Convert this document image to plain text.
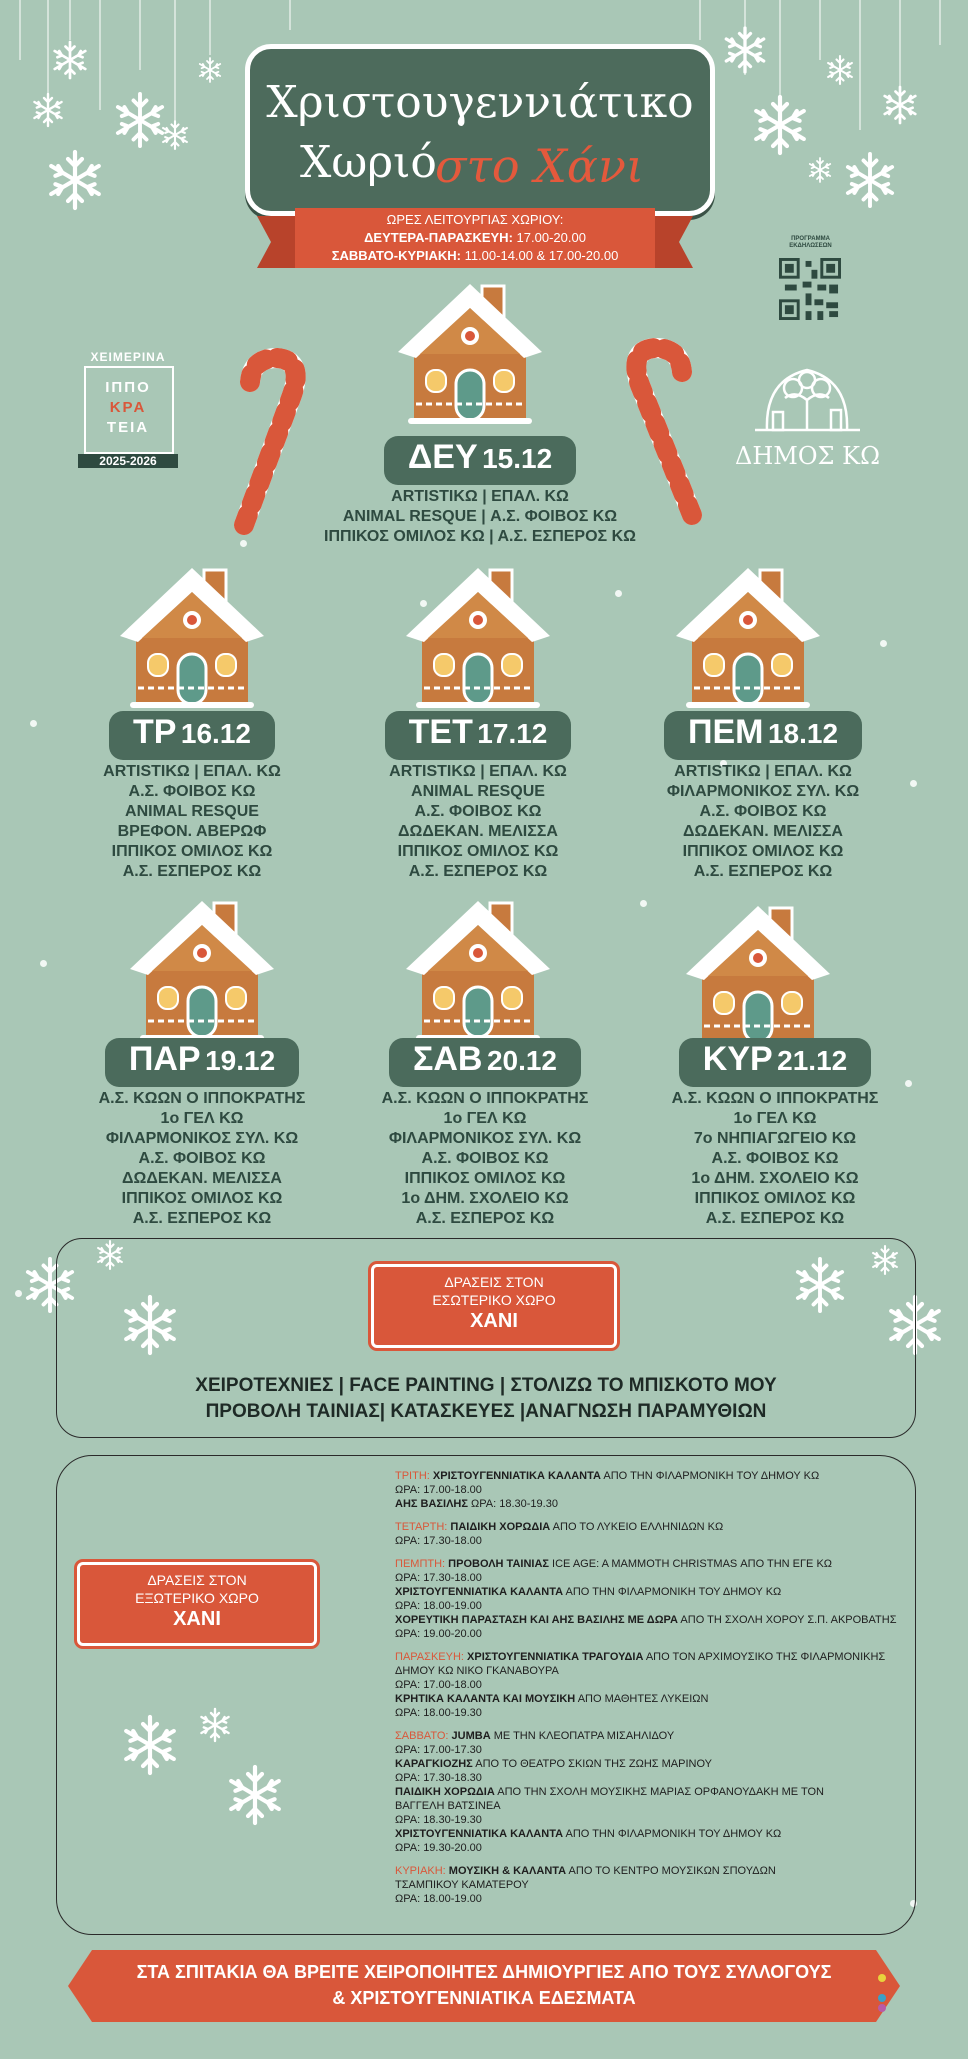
Χριστουγεννιάτικο
Χωριό
στο Χάνι
ΩΡΕΣ ΛΕΙΤΟΥΡΓΙΑΣ ΧΩΡΙΟΥ:
ΔΕΥΤΕΡΑ-ΠΑΡΑΣΚΕΥΗ: 17.00-20.00
ΣΑΒΒΑΤΟ-ΚΥΡΙΑΚΗ: 11.00-14.00 & 17.00-20.00
ΠΡΟΓΡΑΜΜΑ ΕΚΔΗΛΩΣΕΩΝ
ΧΕΙΜΕΡΙΝΑ
ΙΠΠΟ
ΚΡΑ
ΤΕΙΑ
2025-2026	ΔΗΜΟΣ ΚΩ
ΔΕΥ 15.12
ARTISTIKΩ | ΕΠΑΛ. ΚΩ
ANIMAL RESQUE | Α.Σ. ΦΟΙΒΟΣ ΚΩ
ΙΠΠΙΚΟΣ ΟΜΙΛΟΣ ΚΩ | Α.Σ. ΕΣΠΕΡΟΣ ΚΩ
ΤΡ 16.12
ARTISTIKΩ | ΕΠΑΛ. ΚΩ
Α.Σ. ΦΟΙΒΟΣ ΚΩ
ANIMAL RESQUE
ΒΡΕΦΟΝ. ΑΒΕΡΩΦ
ΙΠΠΙΚΟΣ ΟΜΙΛΟΣ ΚΩ
Α.Σ. ΕΣΠΕΡΟΣ ΚΩ
ΤΕΤ 17.12
ARTISTIKΩ | ΕΠΑΛ. ΚΩ
ANIMAL RESQUE
Α.Σ. ΦΟΙΒΟΣ ΚΩ
ΔΩΔΕΚΑΝ. ΜΕΛΙΣΣΑ
ΙΠΠΙΚΟΣ ΟΜΙΛΟΣ ΚΩ
Α.Σ. ΕΣΠΕΡΟΣ ΚΩ
ΠΕΜ 18.12
ARTISTIKΩ | ΕΠΑΛ. ΚΩ
ΦΙΛΑΡΜΟΝΙΚΟΣ ΣΥΛ. ΚΩ
Α.Σ. ΦΟΙΒΟΣ ΚΩ
ΔΩΔΕΚΑΝ. ΜΕΛΙΣΣΑ
ΙΠΠΙΚΟΣ ΟΜΙΛΟΣ ΚΩ
Α.Σ. ΕΣΠΕΡΟΣ ΚΩ
ΠΑΡ 19.12
Α.Σ. ΚΩΩΝ Ο ΙΠΠΟΚΡΑΤΗΣ
1ο ΓΕΛ ΚΩ
ΦΙΛΑΡΜΟΝΙΚΟΣ ΣΥΛ. ΚΩ
Α.Σ. ΦΟΙΒΟΣ ΚΩ
ΔΩΔΕΚΑΝ. ΜΕΛΙΣΣΑ
ΙΠΠΙΚΟΣ ΟΜΙΛΟΣ ΚΩ
Α.Σ. ΕΣΠΕΡΟΣ ΚΩ
ΣΑΒ 20.12
Α.Σ. ΚΩΩΝ Ο ΙΠΠΟΚΡΑΤΗΣ
1ο ΓΕΛ ΚΩ
ΦΙΛΑΡΜΟΝΙΚΟΣ ΣΥΛ. ΚΩ
Α.Σ. ΦΟΙΒΟΣ ΚΩ
ΙΠΠΙΚΟΣ ΟΜΙΛΟΣ ΚΩ
1ο ΔΗΜ. ΣΧΟΛΕΙΟ ΚΩ
Α.Σ. ΕΣΠΕΡΟΣ ΚΩ
ΚΥΡ 21.12
Α.Σ. ΚΩΩΝ Ο ΙΠΠΟΚΡΑΤΗΣ
1ο ΓΕΛ ΚΩ
7ο ΝΗΠΙΑΓΩΓΕΙΟ ΚΩ
Α.Σ. ΦΟΙΒΟΣ ΚΩ
1ο ΔΗΜ. ΣΧΟΛΕΙΟ ΚΩ
ΙΠΠΙΚΟΣ ΟΜΙΛΟΣ ΚΩ
Α.Σ. ΕΣΠΕΡΟΣ ΚΩ
ΔΡΑΣΕΙΣ ΣΤΟΝ
ΕΣΩΤΕΡΙΚΟ ΧΩΡΟ
ΧΑΝΙ
ΧΕΙΡΟΤΕΧΝΙΕΣ | FACE PAINTING | ΣΤΟΛΙΖΩ ΤΟ ΜΠΙΣΚΟΤΟ ΜΟΥ
ΠΡΟΒΟΛΗ ΤΑΙΝΙΑΣ| ΚΑΤΑΣΚΕΥΕΣ |ΑΝΑΓΝΩΣΗ ΠΑΡΑΜΥΘΙΩΝ
ΔΡΑΣΕΙΣ ΣΤΟΝ
ΕΞΩΤΕΡΙΚΟ ΧΩΡΟ
ΧΑΝΙ
ΤΡΙΤΗ: ΧΡΙΣΤΟΥΓΕΝΝΙΑΤΙΚΑ ΚΑΛΑΝΤΑ ΑΠΟ ΤΗΝ ΦΙΛΑΡΜΟΝΙΚΗ ΤΟΥ ΔΗΜΟΥ ΚΩ
ΩΡΑ: 17.00-18.00
ΑΗΣ ΒΑΣΙΛΗΣ ΩΡΑ: 18.30-19.30
ΤΕΤΑΡΤΗ: ΠΑΙΔΙΚΗ ΧΟΡΩΔΙΑ ΑΠΟ ΤΟ ΛΥΚΕΙΟ ΕΛΛΗΝΙΔΩΝ ΚΩ
ΩΡΑ: 17.30-18.00
ΠΕΜΠΤΗ: ΠΡΟΒΟΛΗ ΤΑΙΝΙΑΣ ICE AGE: A MAMMOTH CHRISTMAS ΑΠΟ ΤΗΝ ΕΓΕ ΚΩ
ΩΡΑ: 17.30-18.00
ΧΡΙΣΤΟΥΓΕΝΝΙΑΤΙΚΑ ΚΑΛΑΝΤΑ ΑΠΟ ΤΗΝ ΦΙΛΑΡΜΟΝΙΚΗ ΤΟΥ ΔΗΜΟΥ ΚΩ
ΩΡΑ: 18.00-19.00
ΧΟΡΕΥΤΙΚΗ ΠΑΡΑΣΤΑΣΗ ΚΑΙ ΑΗΣ ΒΑΣΙΛΗΣ ΜΕ ΔΩΡΑ ΑΠΟ ΤΗ ΣΧΟΛΗ ΧΟΡΟΥ Σ.Π. ΑΚΡΟΒΑΤΗΣ
ΩΡΑ: 19.00-20.00
ΠΑΡΑΣΚΕΥΗ: ΧΡΙΣΤΟΥΓΕΝΝΙΑΤΙΚΑ ΤΡΑΓΟΥΔΙΑ ΑΠΟ ΤΟΝ ΑΡΧΙΜΟΥΣΙΚΟ ΤΗΣ ΦΙΛΑΡΜΟΝΙΚΗΣ
ΔΗΜΟΥ ΚΩ ΝΙΚΟ ΓΚΑΝΑΒΟΥΡΑ
ΩΡΑ: 17.00-18.00
ΚΡΗΤΙΚΑ ΚΑΛΑΝΤΑ ΚΑΙ ΜΟΥΣΙΚΗ ΑΠΟ ΜΑΘΗΤΕΣ ΛΥΚΕΙΩΝ
ΩΡΑ: 18.00-19.30
ΣΑΒΒΑΤΟ: JUMBA ΜΕ ΤΗΝ ΚΛΕΟΠΑΤΡΑ ΜΙΣΑΗΛΙΔΟΥ
ΩΡΑ: 17.00-17.30
ΚΑΡΑΓΚΙΟΖΗΣ ΑΠΟ ΤΟ ΘΕΑΤΡΟ ΣΚΙΩΝ ΤΗΣ ΖΩΗΣ ΜΑΡΙΝΟΥ
ΩΡΑ: 17.30-18.30
ΠΑΙΔΙΚΗ ΧΟΡΩΔΙΑ ΑΠΟ ΤΗΝ ΣΧΟΛΗ ΜΟΥΣΙΚΗΣ ΜΑΡΙΑΣ ΟΡΦΑΝΟΥΔΑΚΗ ΜΕ ΤΟΝ
ΒΑΓΓΕΛΗ ΒΑΤΣΙΝΕΑ
ΩΡΑ: 18.30-19.30
ΧΡΙΣΤΟΥΓΕΝΝΙΑΤΙΚΑ ΚΑΛΑΝΤΑ ΑΠΟ ΤΗΝ ΦΙΛΑΡΜΟΝΙΚΗ ΤΟΥ ΔΗΜΟΥ ΚΩ
ΩΡΑ: 19.30-20.00
ΚΥΡΙΑΚΗ: ΜΟΥΣΙΚΗ & ΚΑΛΑΝΤΑ ΑΠΟ ΤΟ ΚΕΝΤΡΟ ΜΟΥΣΙΚΩΝ ΣΠΟΥΔΩΝ
ΤΣΑΜΠΙΚΟΥ ΚΑΜΑΤΕΡΟΥ
ΩΡΑ: 18.00-19.00
ΣΤΑ ΣΠΙΤΑΚΙΑ ΘΑ ΒΡΕΙΤΕ ΧΕΙΡΟΠΟΙΗΤΕΣ ΔΗΜΙΟΥΡΓΙΕΣ ΑΠΟ ΤΟΥΣ ΣΥΛΛΟΓΟΥΣ
& ΧΡΙΣΤΟΥΓΕΝΝΙΑΤΙΚΑ ΕΔΕΣΜΑΤΑ
